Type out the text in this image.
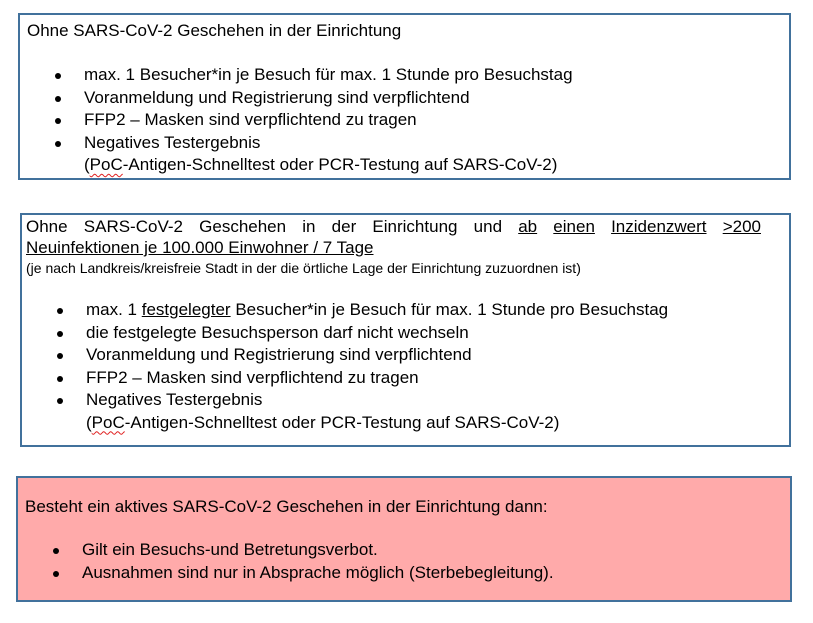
Ohne SARS-CoV-2 Geschehen in der Einrichtung
max. 1 Besucher*in je Besuch für max. 1 Stunde pro Besuchstag
Voranmeldung und Registrierung sind verpflichtend
FFP2 – Masken sind verpflichtend zu tragen
Negatives Testergebnis
(PoC-Antigen-Schnelltest oder PCR-Testung auf SARS-CoV-2)
Ohne SARS-CoV-2 Geschehen in der Einrichtung und ab einen Inzidenzwert >200
Neuinfektionen je 100.000 Einwohner / 7 Tage
(je nach Landkreis/kreisfreie Stadt in der die örtliche Lage der Einrichtung zuzuordnen ist)
max. 1 festgelegter Besucher*in je Besuch für max. 1 Stunde pro Besuchstag
die festgelegte Besuchsperson darf nicht wechseln
Voranmeldung und Registrierung sind verpflichtend
FFP2 – Masken sind verpflichtend zu tragen
Negatives Testergebnis
(PoC-Antigen-Schnelltest oder PCR-Testung auf SARS-CoV-2)
Besteht ein aktives SARS-CoV-2 Geschehen in der Einrichtung dann:
Gilt ein Besuchs-und Betretungsverbot.
Ausnahmen sind nur in Absprache möglich (Sterbebegleitung).
